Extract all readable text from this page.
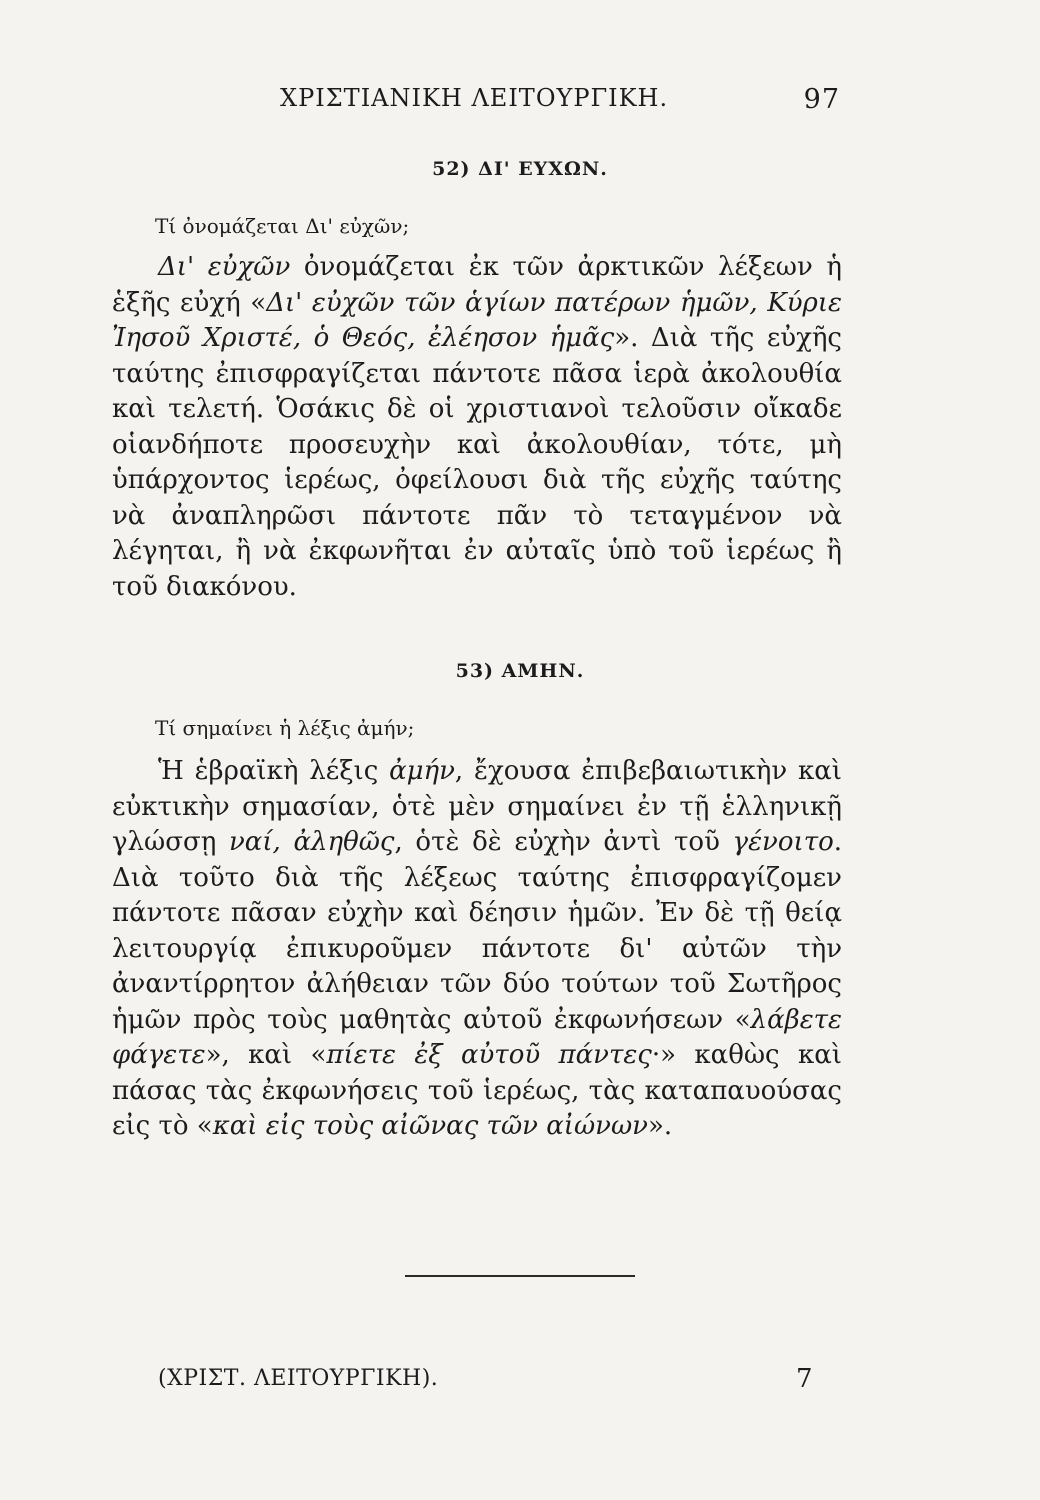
ΧΡΙΣΤΙΑΝΙΚΗ ΛΕΙΤΟΥΡΓΙΚΗ.	97
52) ΔΙ' ΕΥΧΩΝ.
Τί ὀνομάζεται Δι' εὐχῶν;

Δι' εὐχῶν ὀνομάζεται ἐκ τῶν ἀρκτικῶν λέξεων ἡ ἑξῆς εὐχή «Δι' εὐχῶν τῶν ἁγίων πατέρων ἡμῶν, Κύριε Ἰησοῦ Χριστέ, ὁ Θεός, ἐλέησον ἡμᾶς». Διὰ τῆς εὐχῆς ταύτης ἐπισφραγίζεται πάντοτε πᾶσα ἱερὰ ἀκολουθία καὶ τελετή. Ὁσάκις δὲ οἱ χριστιανοὶ τελοῦσιν οἴκαδε οἱανδήποτε προσευχὴν καὶ ἀκολουθίαν, τότε, μὴ ὑπάρχοντος ἱερέως, ὀφείλουσι διὰ τῆς εὐχῆς ταύτης νὰ ἀναπληρῶσι πάντοτε πᾶν τὸ τεταγμένον νὰ λέγηται, ἢ νὰ ἐκφωνῆται ἐν αὐταῖς ὑπὸ τοῦ ἱερέως ἢ τοῦ διακόνου.

53) ΑΜΗΝ.
Τί σημαίνει ἡ λέξις ἀμήν;

Ἡ ἑβραϊκὴ λέξις ἀμήν, ἔχουσα ἐπιβεβαιωτικὴν καὶ εὐκτικὴν σημασίαν, ὁτὲ μὲν σημαίνει ἐν τῇ ἑλληνικῇ γλώσσῃ ναί, ἀληθῶς, ὁτὲ δὲ εὐχὴν ἀντὶ τοῦ γένοιτο. Διὰ τοῦτο διὰ τῆς λέξεως ταύτης ἐπισφραγίζομεν πάντοτε πᾶσαν εὐχὴν καὶ δέησιν ἡμῶν. Ἐν δὲ τῇ θείᾳ λειτουργίᾳ ἐπικυροῦμεν πάντοτε δι' αὐτῶν τὴν ἀναντίρρητον ἀλήθειαν τῶν δύο τούτων τοῦ Σωτῆρος ἡμῶν πρὸς τοὺς μαθητὰς αὐτοῦ ἐκφωνήσεων «λάβετε φάγετε», καὶ «πίετε ἐξ αὐτοῦ πάντες·» καθὼς καὶ πάσας τὰς ἐκφωνήσεις τοῦ ἱερέως, τὰς καταπαυούσας εἰς τὸ «καὶ εἰς τοὺς αἰῶνας τῶν αἰώνων».

(ΧΡΙΣΤ. ΛΕΙΤΟΥΡΓΙΚΗ).	7
